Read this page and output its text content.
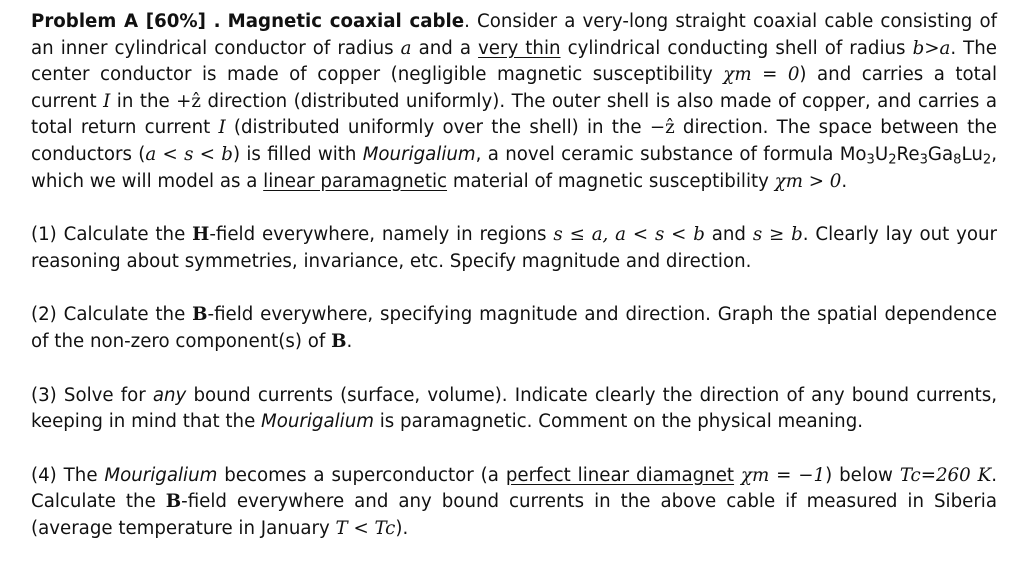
Problem A [60%] . Magnetic coaxial cable. Consider a very-long straight coaxial cable consisting of an inner cylindrical conductor of radius a and a very thin cylindrical conducting shell of radius b>a. The center conductor is made of copper (negligible magnetic susceptibility χm = 0) and carries a total current I in the +ẑ direction (distributed uniformly). The outer shell is also made of copper, and carries a total return current I (distributed uniformly over the shell) in the −ẑ direction. The space between the conductors (a < s < b) is filled with Mourigalium, a novel ceramic substance of formula $Mo_3U_2Re_3Ga_8Lu_2$, which we will model as a linear paramagnetic material of magnetic susceptibility χm > 0.

(1) Calculate the H-field everywhere, namely in regions s ≤ a, a < s < b and s ≥ b. Clearly lay out your reasoning about symmetries, invariance, etc. Specify magnitude and direction.

(2) Calculate the B-field everywhere, specifying magnitude and direction. Graph the spatial dependence of the non-zero component(s) of B.

(3) Solve for any bound currents (surface, volume). Indicate clearly the direction of any bound currents, keeping in mind that the Mourigalium is paramagnetic. Comment on the physical meaning.

(4) The Mourigalium becomes a superconductor (a perfect linear diamagnet χm = −1) below Tc=260 K. Calculate the B-field everywhere and any bound currents in the above cable if measured in Siberia (average temperature in January T < Tc).
